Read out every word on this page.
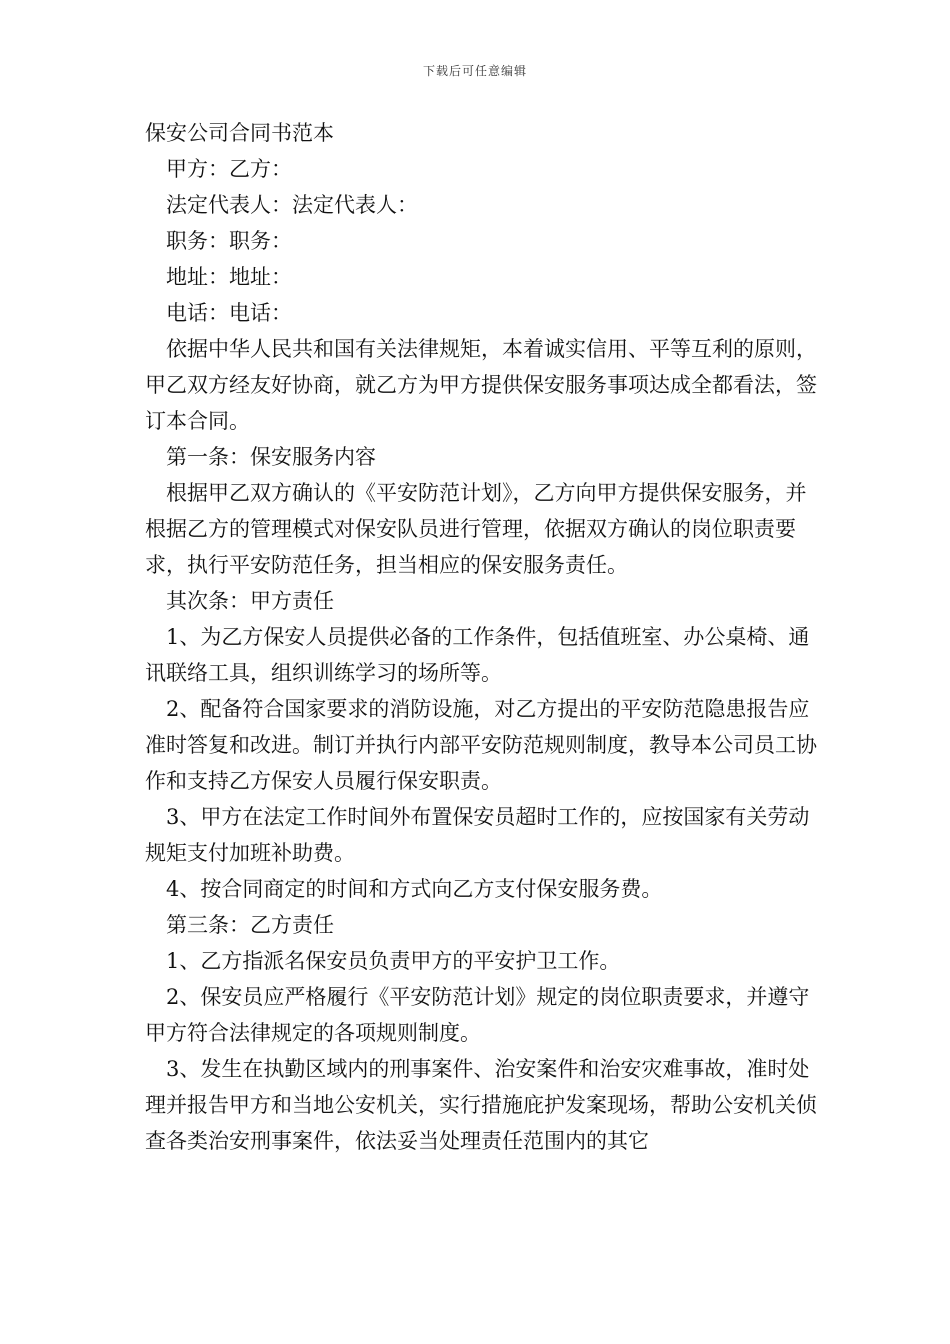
下载后可任意编辑

保安公司合同书范本

甲方：乙方：

法定代表人：法定代表人：

职务：职务：

地址：地址：

电话：电话：

依据中华人民共和国有关法律规矩，本着诚实信用、平等互利的原则，甲乙双方经友好协商，就乙方为甲方提供保安服务事项达成全都看法，签订本合同。

第一条：保安服务内容

根据甲乙双方确认的《平安防范计划》，乙方向甲方提供保安服务，并根据乙方的管理模式对保安队员进行管理，依据双方确认的岗位职责要求，执行平安防范任务，担当相应的保安服务责任。

其次条：甲方责任

1、为乙方保安人员提供必备的工作条件，包括值班室、办公桌椅、通讯联络工具，组织训练学习的场所等。

2、配备符合国家要求的消防设施，对乙方提出的平安防范隐患报告应准时答复和改进。制订并执行内部平安防范规则制度，教导本公司员工协作和支持乙方保安人员履行保安职责。

3、甲方在法定工作时间外布置保安员超时工作的，应按国家有关劳动规矩支付加班补助费。

4、按合同商定的时间和方式向乙方支付保安服务费。

第三条：乙方责任

1、乙方指派名保安员负责甲方的平安护卫工作。

2、保安员应严格履行《平安防范计划》规定的岗位职责要求，并遵守甲方符合法律规定的各项规则制度。

3、发生在执勤区域内的刑事案件、治安案件和治安灾难事故，准时处理并报告甲方和当地公安机关，实行措施庇护发案现场，帮助公安机关侦查各类治安刑事案件，依法妥当处理责任范围内的其它
